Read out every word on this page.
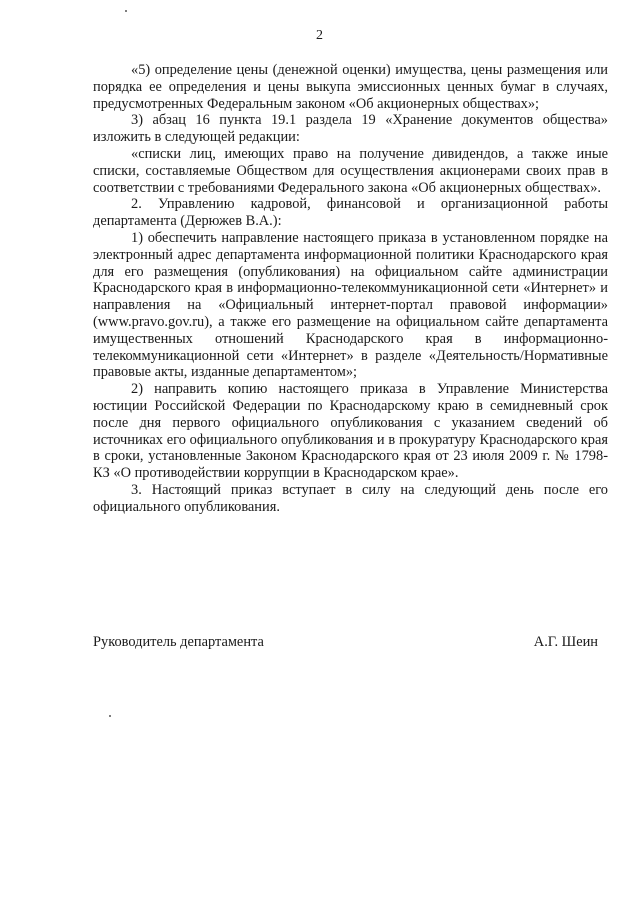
2

«5) определение цены (денежной оценки) имущества, цены размещения или порядка ее определения и цены выкупа эмиссионных ценных бумаг в случаях, предусмотренных Федеральным законом «Об акционерных обществах»;

3) абзац 16 пункта 19.1 раздела 19 «Хранение документов общества» изложить в следующей редакции:

«списки лиц, имеющих право на получение дивидендов, а также иные списки, составляемые Обществом для осуществления акционерами своих прав в соответствии с требованиями Федерального закона «Об акционерных обществах».

2. Управлению кадровой, финансовой и организационной работы департамента (Дерюжев В.А.):

1) обеспечить направление настоящего приказа в установленном порядке на электронный адрес департамента информационной политики Краснодарского края для его размещения (опубликования) на официальном сайте администрации Краснодарского края в информационно-телекоммуникационной сети «Интернет» и направления на «Официальный интернет-портал правовой информации» (www.pravo.gov.ru), а также его размещение на официальном сайте департамента имущественных отношений Краснодарского края в информационно-телекоммуникационной сети «Интернет» в разделе «Деятельность/Нормативные правовые акты, изданные департаментом»;

2) направить копию настоящего приказа в Управление Министерства юстиции Российской Федерации по Краснодарскому краю в семидневный срок после дня первого официального опубликования с указанием сведений об источниках его официального опубликования и в прокуратуру Краснодарского края в сроки, установленные Законом Краснодарского края от 23 июля 2009 г. № 1798-КЗ «О противодействии коррупции в Краснодарском крае».

3. Настоящий приказ вступает в силу на следующий день после его официального опубликования.

Руководитель департамента	А.Г. Шеин
